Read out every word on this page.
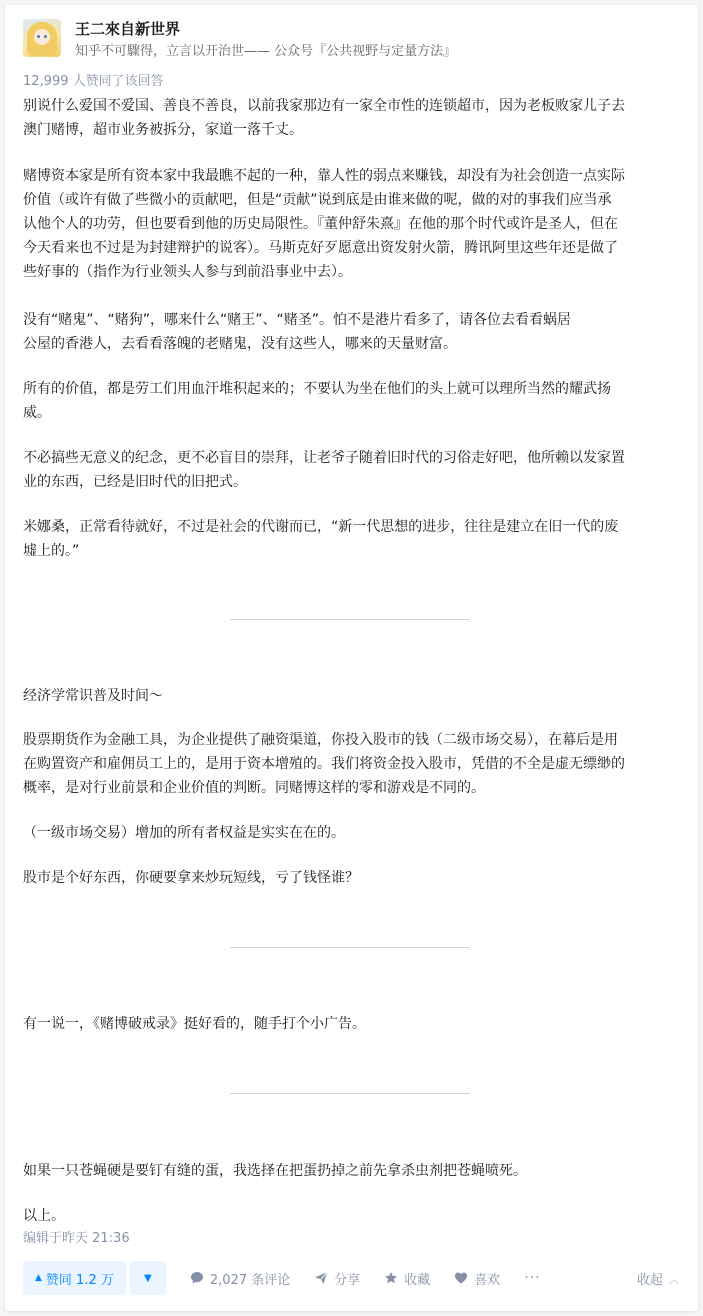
王二來自新世界
知乎不可驟得，立言以开治世—— 公众号『公共视野与定量方法』
12,999 人赞同了该回答
别说什么爱国不爱国、善良不善良，以前我家那边有一家全市性的连锁超市，因为老板败家儿子去
澳门赌博，超市业务被拆分，家道一落千丈。
赌博资本家是所有资本家中我最瞧不起的一种，靠人性的弱点来赚钱，却没有为社会创造一点实际
价值（或许有做了些微小的贡献吧，但是“贡献”说到底是由谁来做的呢，做的对的事我们应当承
认他个人的功劳，但也要看到他的历史局限性。『董仲舒朱熹』在他的那个时代或许是圣人，但在
今天看来也不过是为封建辩护的说客）。马斯克好歹愿意出资发射火箭，腾讯阿里这些年还是做了
些好事的（指作为行业领头人参与到前沿事业中去）。
没有“赌鬼”、“赌狗”，哪来什么“赌王”、“赌圣”。怕不是港片看多了，请各位去看看蜗居
公屋的香港人，去看看落魄的老赌鬼，没有这些人，哪来的天量财富。
所有的价值，都是劳工们用血汗堆积起来的；不要认为坐在他们的头上就可以理所当然的耀武扬
威。
不必搞些无意义的纪念，更不必盲目的崇拜，让老爷子随着旧时代的习俗走好吧，他所赖以发家置
业的东西，已经是旧时代的旧把式。
米娜桑，正常看待就好，不过是社会的代谢而已，“新一代思想的进步，往往是建立在旧一代的废
墟上的。”
经济学常识普及时间～
股票期货作为金融工具，为企业提供了融资渠道，你投入股市的钱（二级市场交易），在幕后是用
在购置资产和雇佣员工上的，是用于资本增殖的。我们将资金投入股市，凭借的不全是虚无缥缈的
概率，是对行业前景和企业价值的判断。同赌博这样的零和游戏是不同的。
（一级市场交易）增加的所有者权益是实实在在的。
股市是个好东西，你硬要拿来炒玩短线，亏了钱怪谁？
有一说一，《赌博破戒录》挺好看的，随手打个小广告。
如果一只苍蝇硬是要钉有缝的蛋，我选择在把蛋扔掉之前先拿杀虫剂把苍蝇喷死。
以上。
编辑于昨天 21:36
▲ 赞同 1.2 万	▼	2,027 条评论	分享	收藏	喜欢 ···	收起 ︿
